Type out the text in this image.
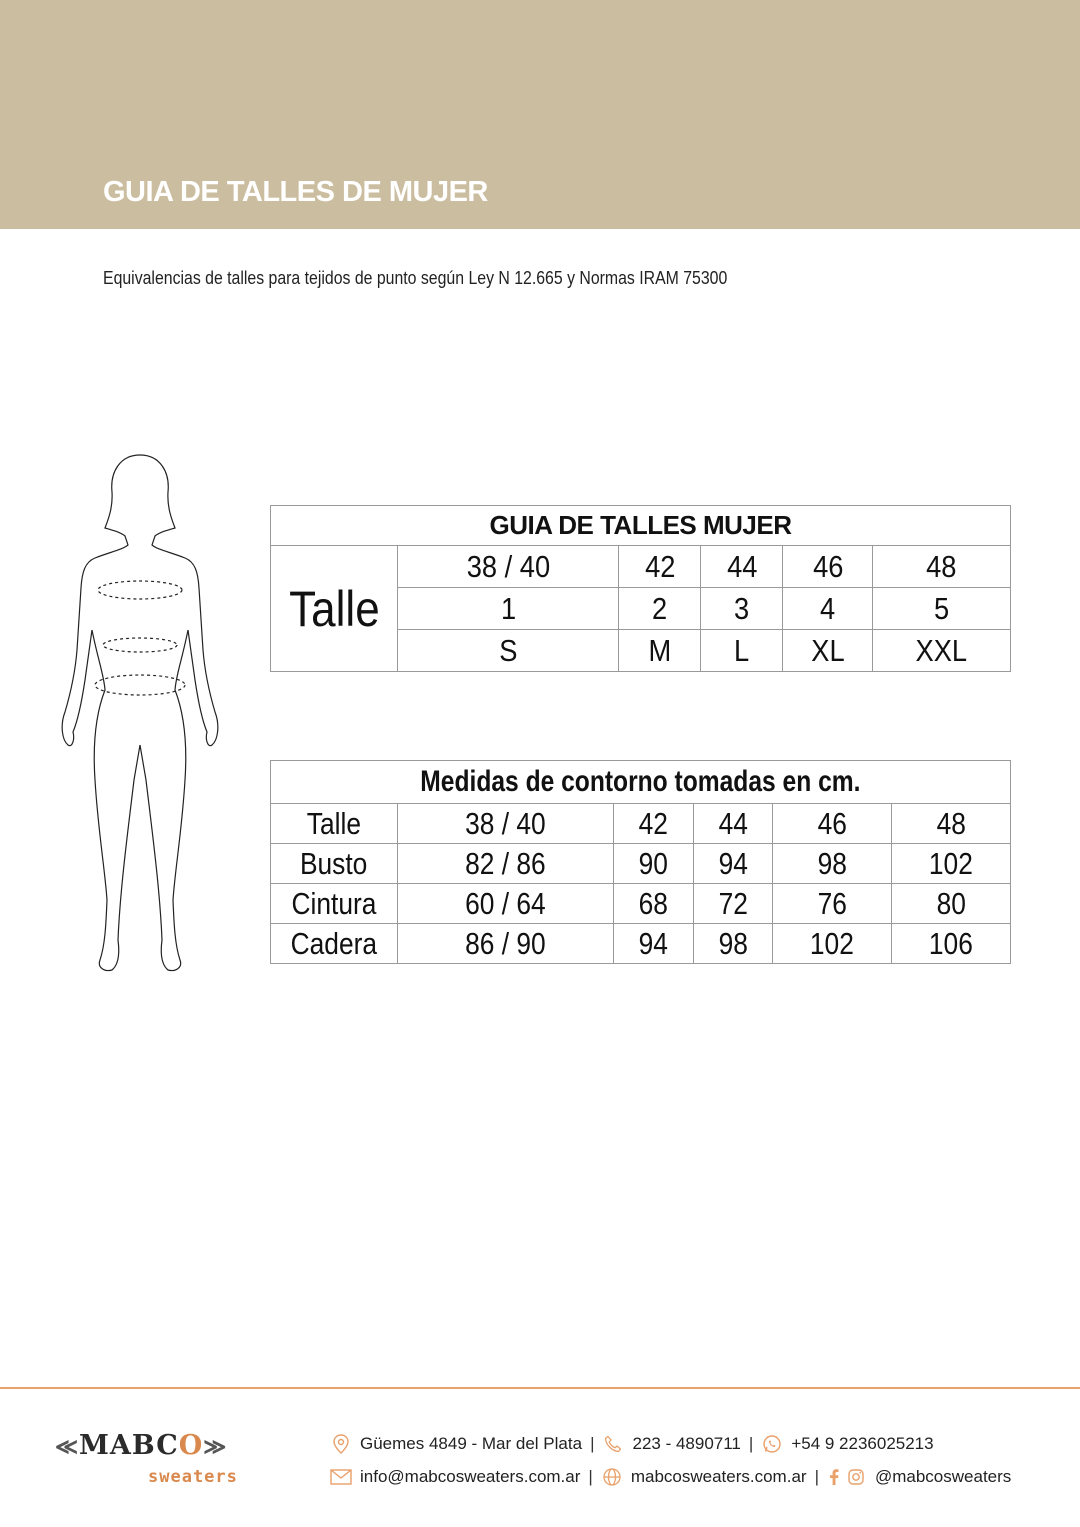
GUIA DE TALLES DE MUJER
Equivalencias de talles para tejidos de punto según Ley N 12.665 y Normas IRAM 75300
GUIA DE TALLES MUJER					
Talle	38 / 40	42	44	46	48
	1	2	3	4	5
	S	M	L	XL	XXL
Medidas de contorno tomadas en cm.					
Talle	38 / 40	42	44	46	48
Busto	82 / 86	90	94	98	102
Cintura	60 / 64	68	72	76	80
Cadera	86 / 90	94	98	102	106
≪MABCO≫
sweaters
Güemes 4849 - Mar del Plata | 223 - 4890711 | +54 9 2236025213
info@mabcosweaters.com.ar | mabcosweaters.com.ar |	@mabcosweaters
